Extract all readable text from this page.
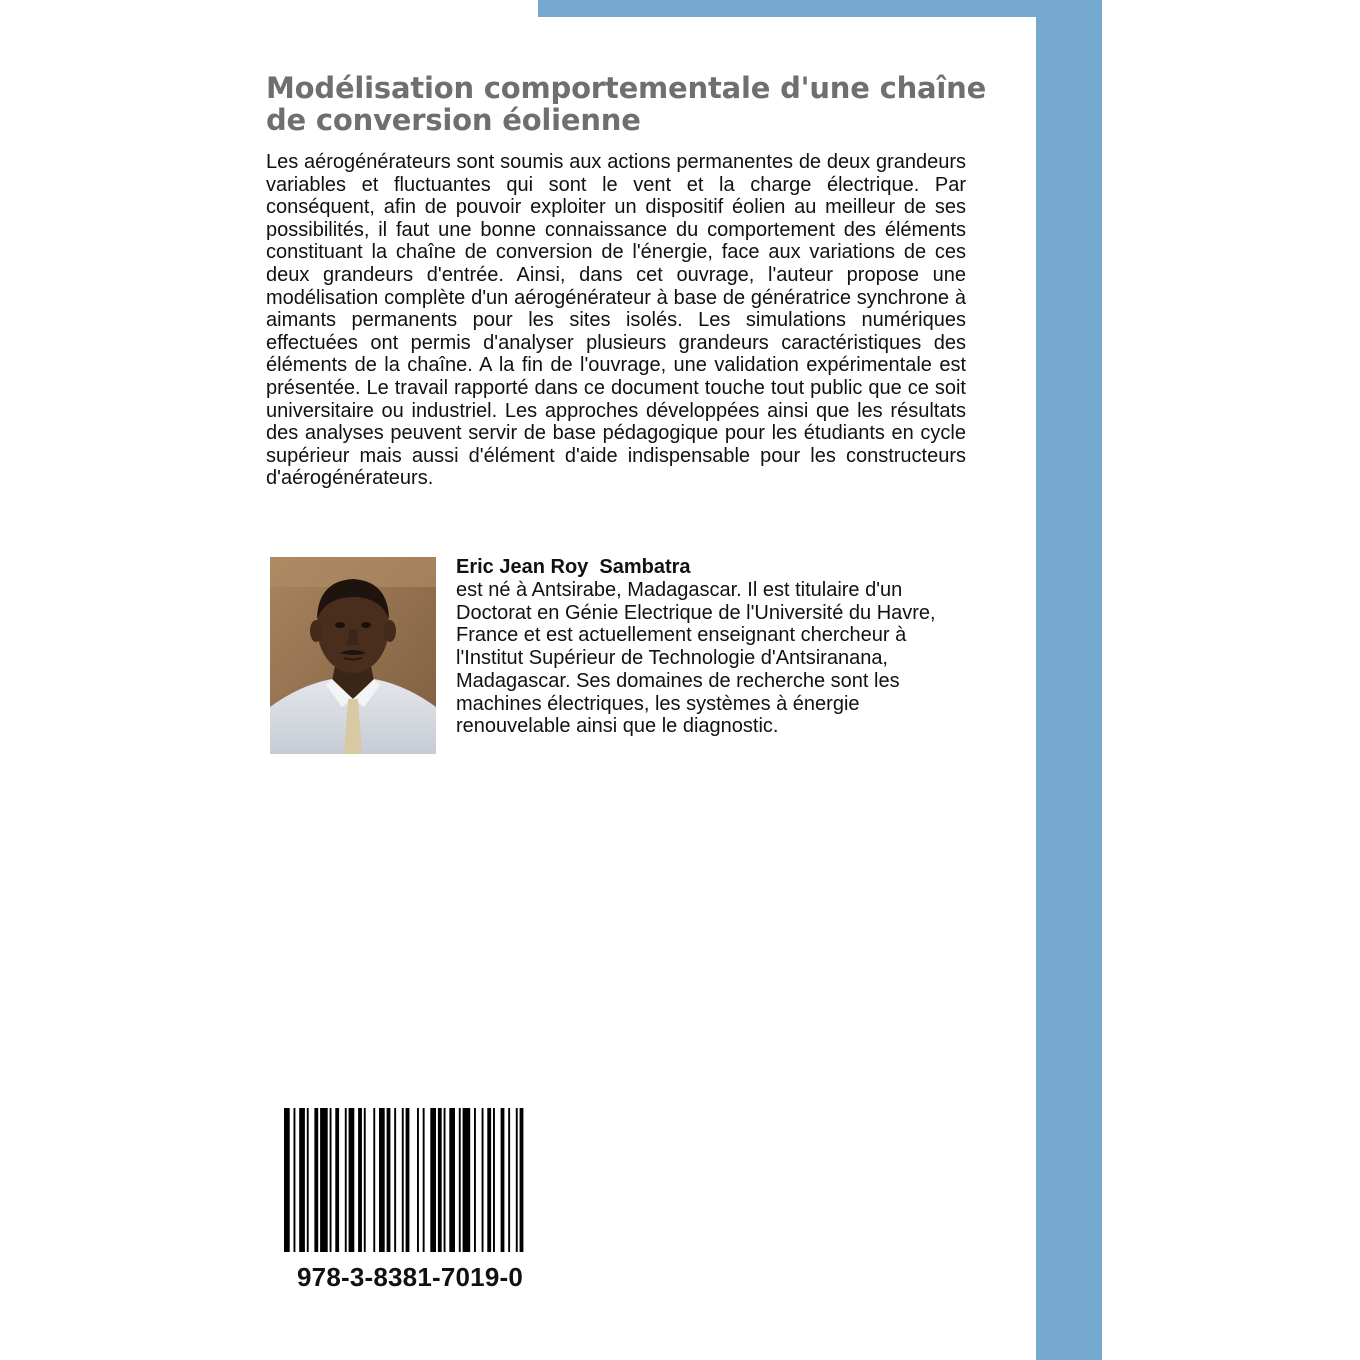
Modélisation comportementale d'une chaîne de conversion éolienne

Les aérogénérateurs sont soumis aux actions permanentes de deux grandeurs variables et fluctuantes qui sont le vent et la charge électrique. Par conséquent, afin de pouvoir exploiter un dispositif éolien au meilleur de ses possibilités, il faut une bonne connaissance du comportement des éléments constituant la chaîne de conversion de l'énergie, face aux variations de ces deux grandeurs d'entrée. Ainsi, dans cet ouvrage, l'auteur propose une modélisation complète d'un aérogénérateur à base de génératrice synchrone à aimants permanents pour les sites isolés. Les simulations numériques effectuées ont permis d'analyser plusieurs grandeurs caractéristiques des éléments de la chaîne. A la fin de l'ouvrage, une validation expérimentale est présentée. Le travail rapporté dans ce document touche tout public que ce soit universitaire ou industriel. Les approches développées ainsi que les résultats des analyses peuvent servir de base pédagogique pour les étudiants en cycle supérieur mais aussi d'élément d'aide indispensable pour les constructeurs d'aérogénérateurs.

Eric Jean Roy  Sambatra

est né à Antsirabe, Madagascar. Il est titulaire d'un Doctorat en Génie Electrique de l'Université du Havre, France et est actuellement enseignant chercheur à l'Institut Supérieur de Technologie d'Antsiranana, Madagascar. Ses domaines de recherche sont les machines électriques, les systèmes à énergie renouvelable ainsi que le diagnostic.

978-3-8381-7019-0
